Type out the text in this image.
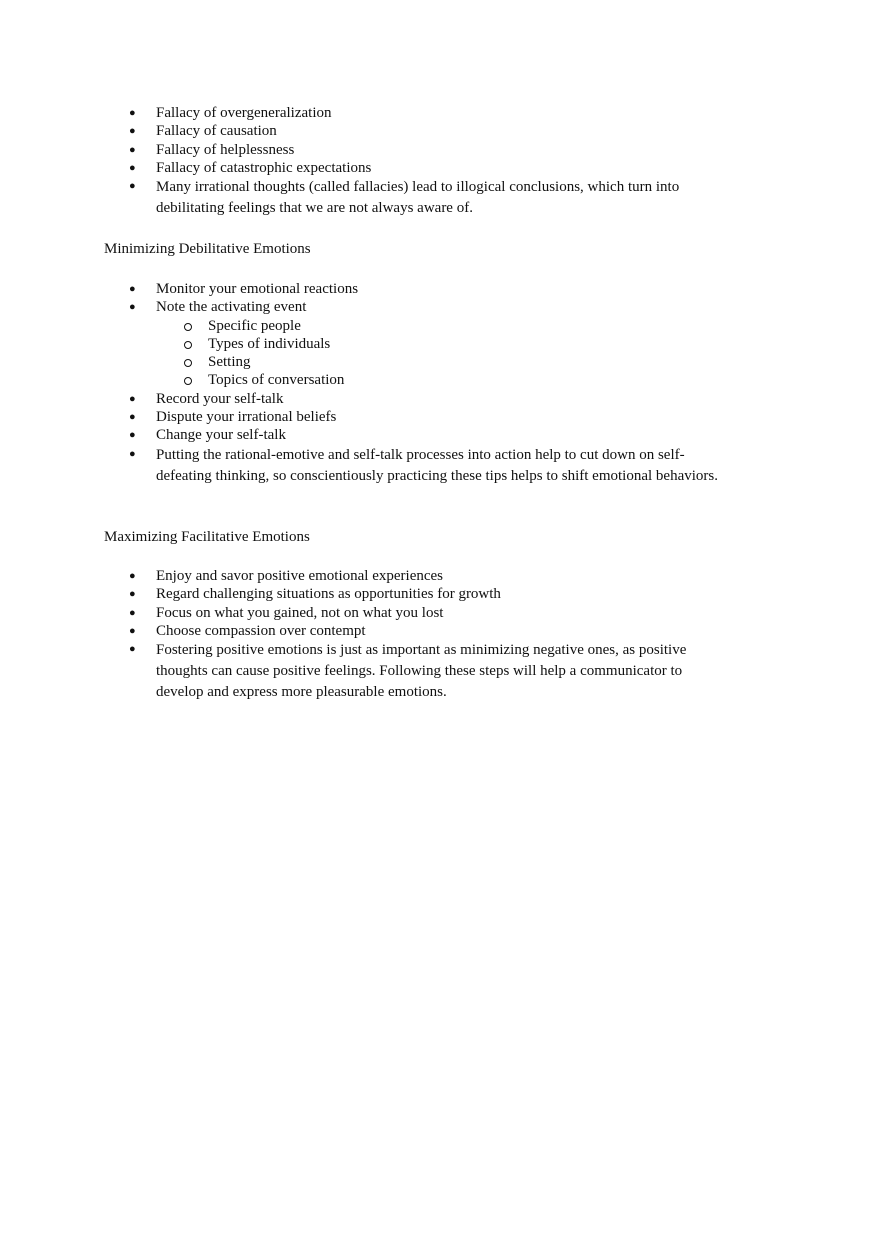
● Fallacy of overgeneralization
● Fallacy of causation
● Fallacy of helplessness
● Fallacy of catastrophic expectations
● Many irrational thoughts (called fallacies) lead to illogical conclusions, which turn into debilitating feelings that we are not always aware of.

Minimizing Debilitative Emotions

● Monitor your emotional reactions
● Note the activating event
Specific people
Types of individuals
Setting
Topics of conversation
● Record your self-talk
● Dispute your irrational beliefs
● Change your self-talk
● Putting the rational-emotive and self-talk processes into action help to cut down on self-defeating thinking, so conscientiously practicing these tips helps to shift emotional behaviors.

Maximizing Facilitative Emotions

● Enjoy and savor positive emotional experiences
● Regard challenging situations as opportunities for growth
● Focus on what you gained, not on what you lost
● Choose compassion over contempt
● Fostering positive emotions is just as important as minimizing negative ones, as positive thoughts can cause positive feelings. Following these steps will help a communicator to develop and express more pleasurable emotions.
